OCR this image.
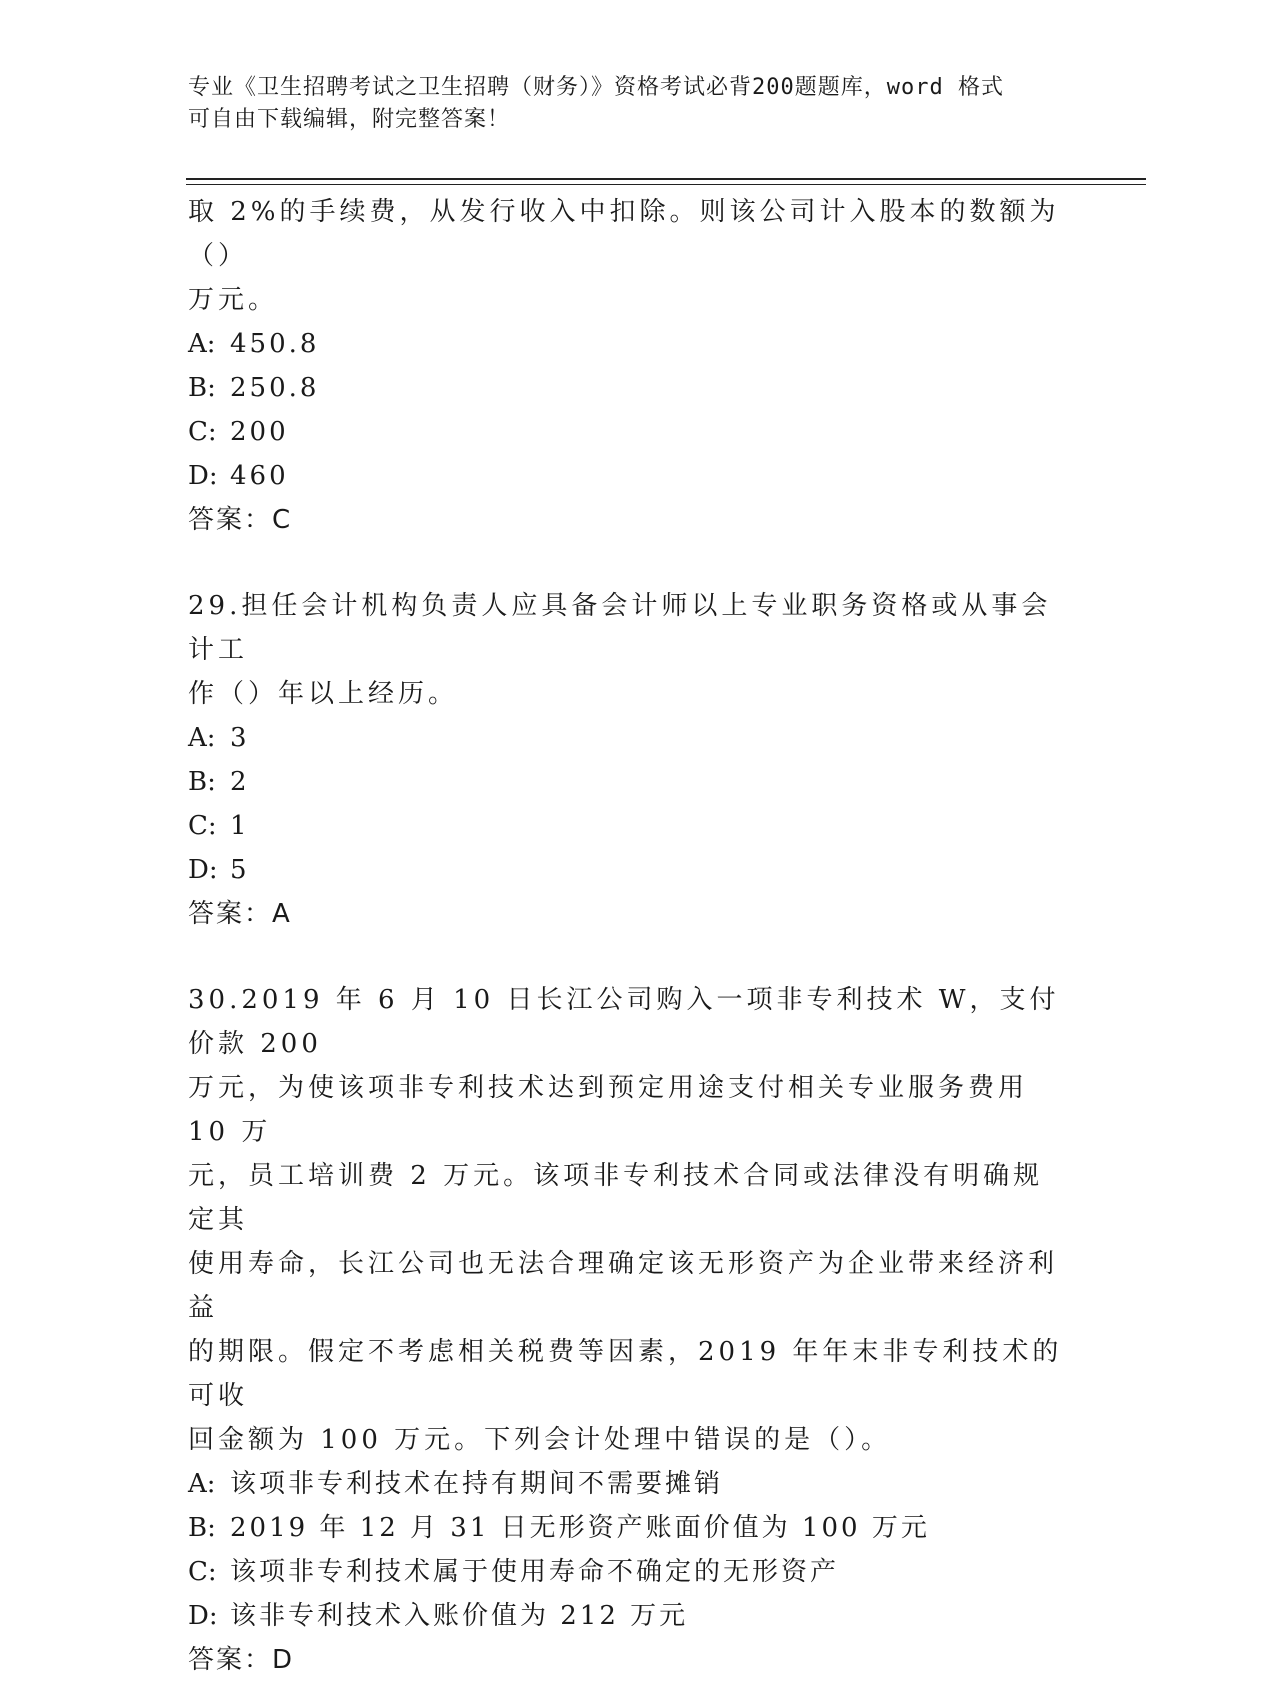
专业《卫生招聘考试之卫生招聘（财务）》资格考试必背200题题库，word 格式
可自由下载编辑，附完整答案！

取 2%的手续费，从发行收入中扣除。则该公司计入股本的数额为（）

万元。

A: 450.8

B: 250.8

C: 200

D: 460

答案：C

29.担任会计机构负责人应具备会计师以上专业职务资格或从事会计工

作（）年以上经历。

A: 3

B: 2

C: 1

D: 5

答案：A

30.2019 年 6 月 10 日长江公司购入一项非专利技术 W，支付价款 200

万元，为使该项非专利技术达到预定用途支付相关专业服务费用 10 万

元，员工培训费 2 万元。该项非专利技术合同或法律没有明确规定其

使用寿命，长江公司也无法合理确定该无形资产为企业带来经济利益

的期限。假定不考虑相关税费等因素，2019 年年末非专利技术的可收

回金额为 100 万元。下列会计处理中错误的是（）。

A: 该项非专利技术在持有期间不需要摊销

B: 2019 年 12 月 31 日无形资产账面价值为 100 万元

C: 该项非专利技术属于使用寿命不确定的无形资产

D: 该非专利技术入账价值为 212 万元

答案：D
